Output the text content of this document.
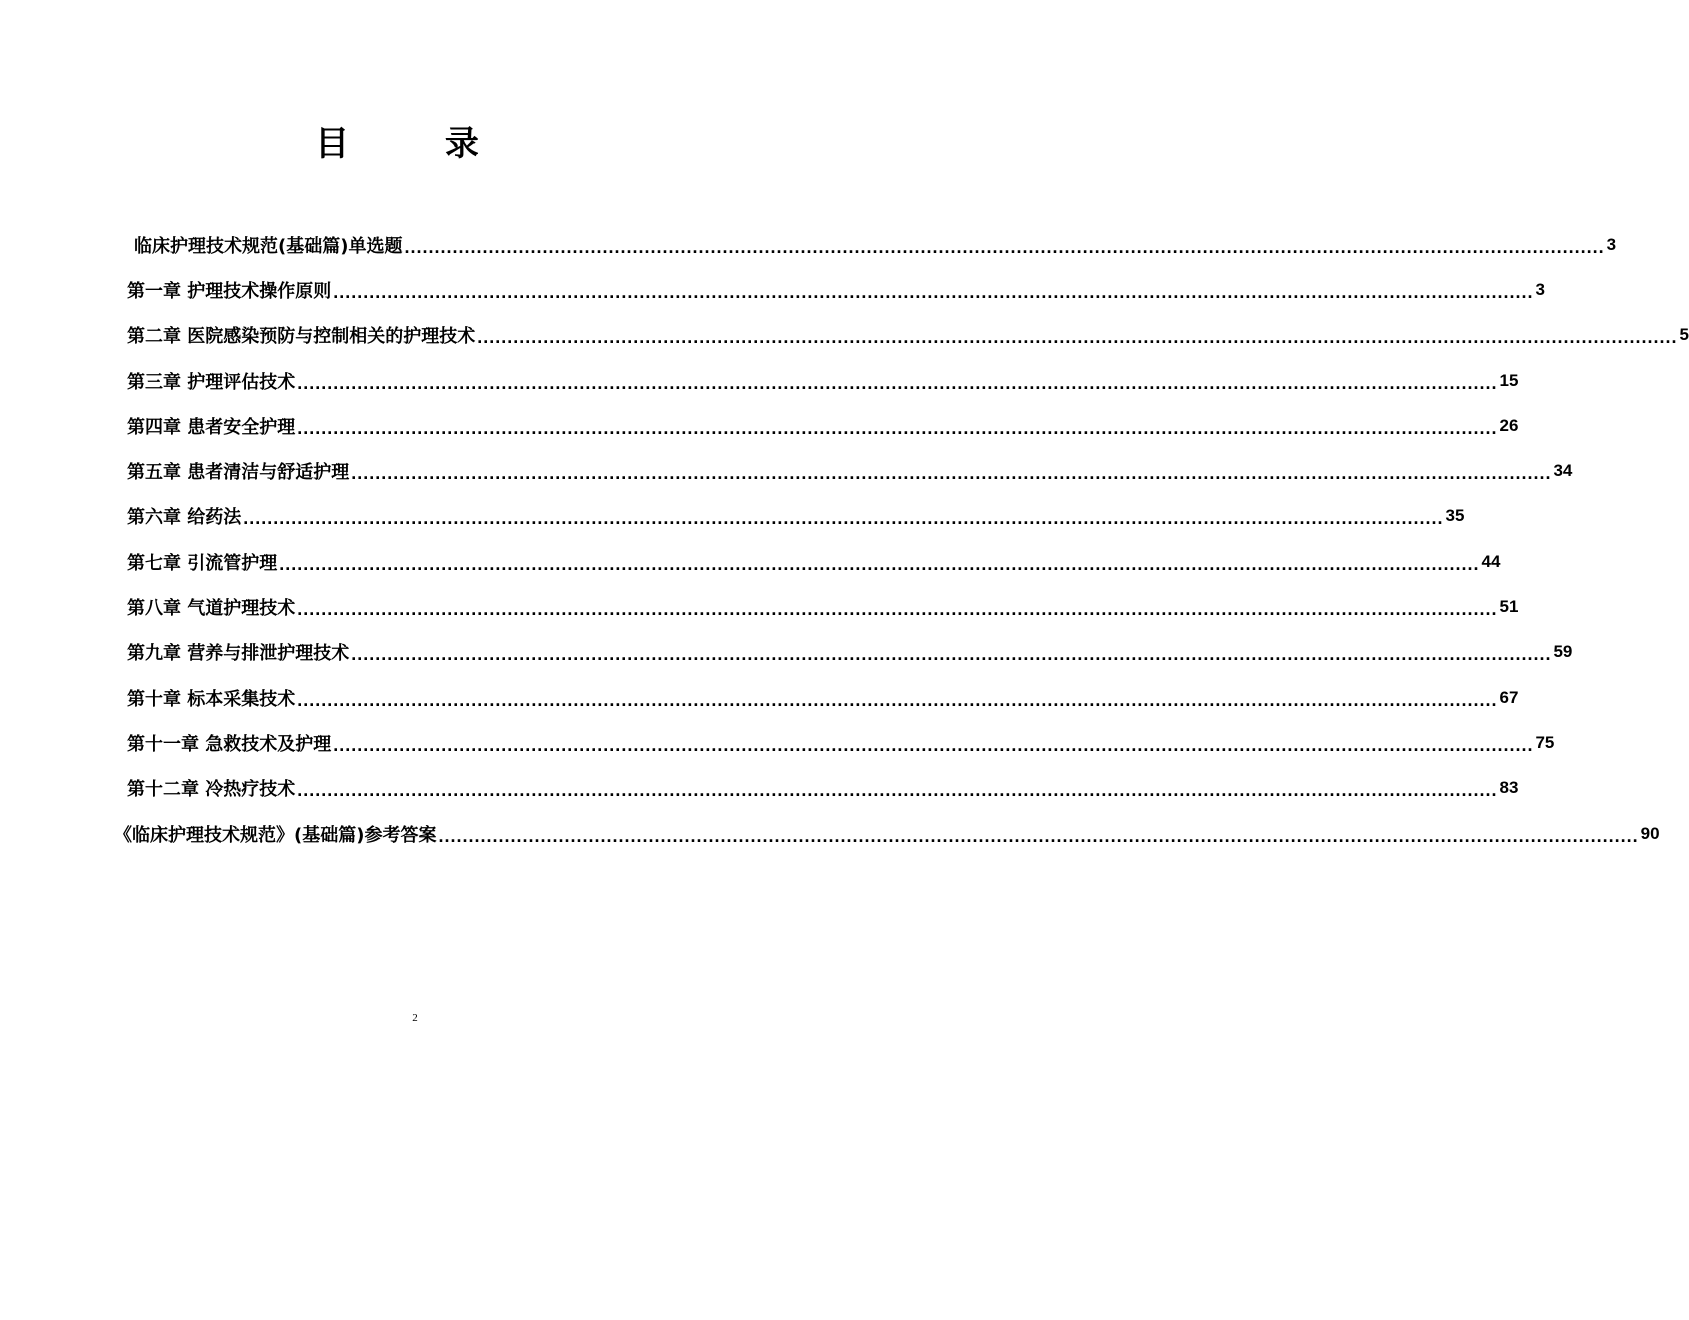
目 录
临床护理技术规范(基础篇)单选题 ........................................................................................................................................................................................................ 3
第一章 护理技术操作原则 ........................................................................................................................................................................................................ 3
第二章 医院感染预防与控制相关的护理技术 ........................................................................................................................................................................................................ 5
第三章 护理评估技术 ........................................................................................................................................................................................................ 15
第四章 患者安全护理 ........................................................................................................................................................................................................ 26
第五章 患者清洁与舒适护理 ........................................................................................................................................................................................................ 34
第六章 给药法 ........................................................................................................................................................................................................ 35
第七章 引流管护理 ........................................................................................................................................................................................................ 44
第八章 气道护理技术 ........................................................................................................................................................................................................ 51
第九章 营养与排泄护理技术 ........................................................................................................................................................................................................ 59
第十章 标本采集技术 ........................................................................................................................................................................................................ 67
第十一章 急救技术及护理 ........................................................................................................................................................................................................ 75
第十二章 冷热疗技术 ........................................................................................................................................................................................................ 83
《临床护理技术规范》(基础篇)参考答案 ........................................................................................................................................................................................................ 90
2
